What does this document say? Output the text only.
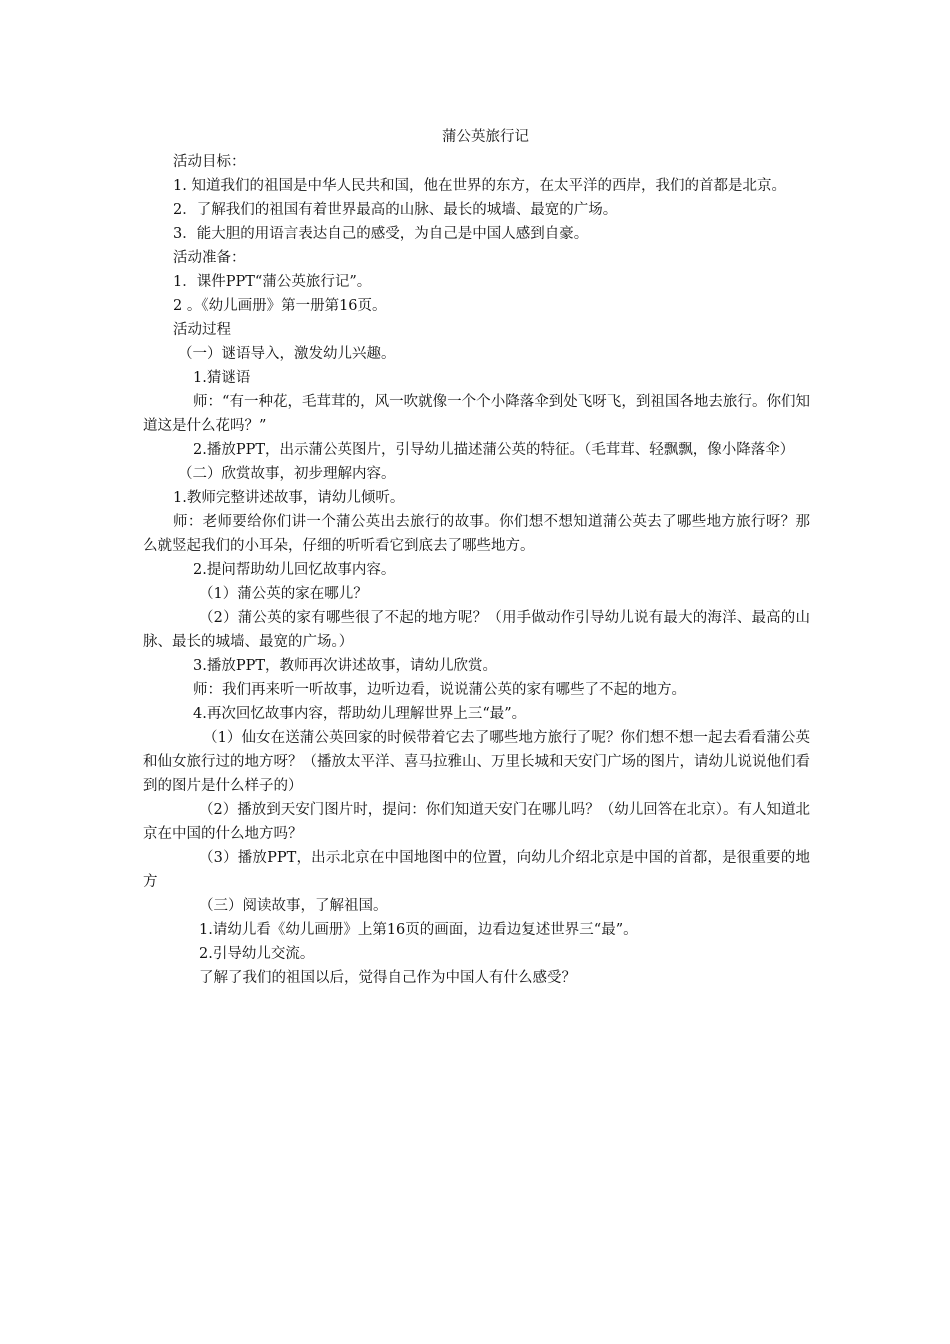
蒲公英旅行记

活动目标：

1. 知道我们的祖国是中华人民共和国，他在世界的东方，在太平洋的西岸，我们的首都是北京。

2．了解我们的祖国有着世界最高的山脉、最长的城墙、最宽的广场。

3．能大胆的用语言表达自己的感受，为自己是中国人感到自豪。

活动准备：

1．课件PPT“蒲公英旅行记”。

2 。《幼儿画册》第一册第16页。

活动过程

（一）谜语导入，激发幼儿兴趣。

1.猜谜语

师：“有一种花，毛茸茸的，风一吹就像一个个小降落伞到处飞呀飞，到祖国各地去旅行。你们知道这是什么花吗？”

2.播放PPT，出示蒲公英图片，引导幼儿描述蒲公英的特征。（毛茸茸、轻飘飘，像小降落伞）

（二）欣赏故事，初步理解内容。

1.教师完整讲述故事，请幼儿倾听。

师：老师要给你们讲一个蒲公英出去旅行的故事。你们想不想知道蒲公英去了哪些地方旅行呀？那么就竖起我们的小耳朵，仔细的听听看它到底去了哪些地方。

2.提问帮助幼儿回忆故事内容。

（1）蒲公英的家在哪儿？

（2）蒲公英的家有哪些很了不起的地方呢？（用手做动作引导幼儿说有最大的海洋、最高的山脉、最长的城墙、最宽的广场。）

3.播放PPT，教师再次讲述故事，请幼儿欣赏。

师：我们再来听一听故事，边听边看，说说蒲公英的家有哪些了不起的地方。

4.再次回忆故事内容，帮助幼儿理解世界上三“最”。

（1）仙女在送蒲公英回家的时候带着它去了哪些地方旅行了呢？你们想不想一起去看看蒲公英和仙女旅行过的地方呀？（播放太平洋、喜马拉雅山、万里长城和天安门广场的图片，请幼儿说说他们看到的图片是什么样子的）

（2）播放到天安门图片时，提问：你们知道天安门在哪儿吗？（幼儿回答在北京）。有人知道北京在中国的什么地方吗？

（3）播放PPT，出示北京在中国地图中的位置，向幼儿介绍北京是中国的首都，是很重要的地方

（三）阅读故事，了解祖国。

1.请幼儿看《幼儿画册》上第16页的画面，边看边复述世界三“最”。

2.引导幼儿交流。

了解了我们的祖国以后，觉得自己作为中国人有什么感受？
